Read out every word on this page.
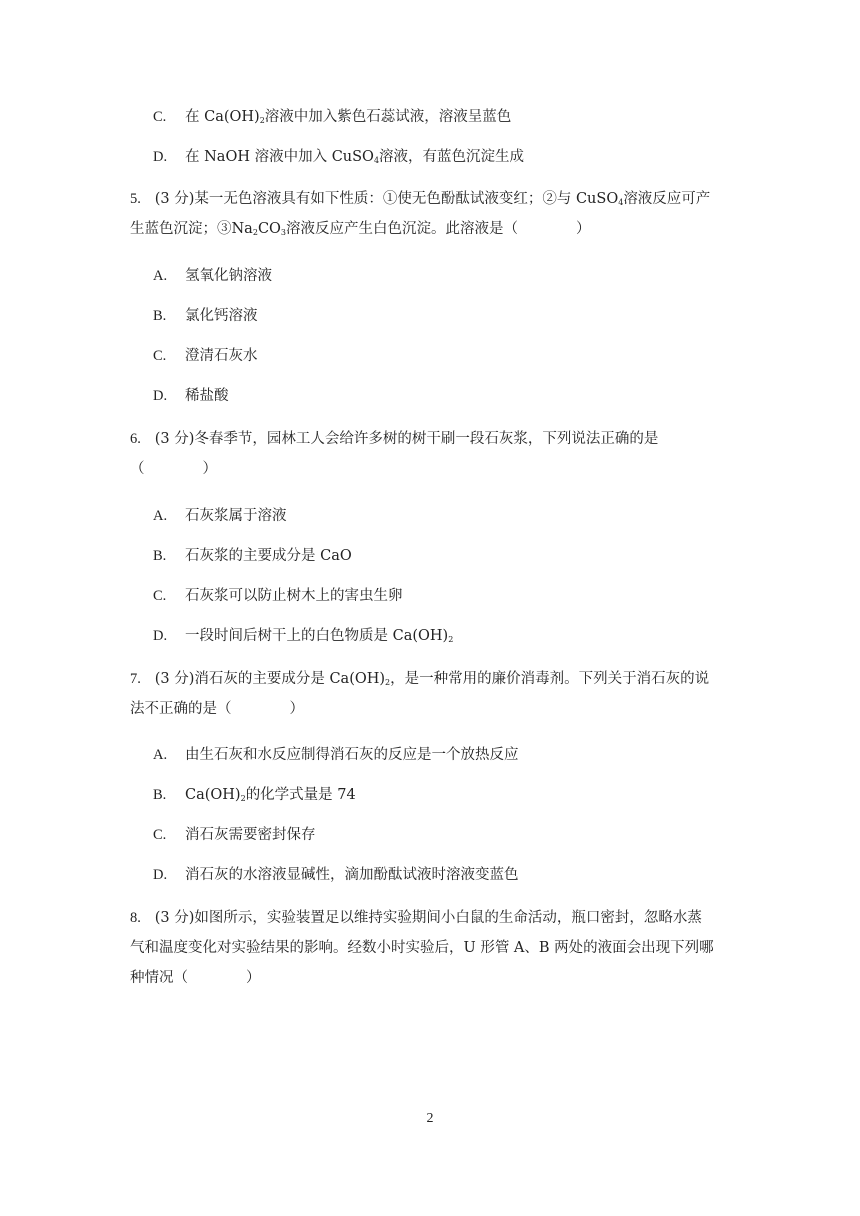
C. 在 $Ca(OH)_2$溶液中加入紫色石蕊试液，溶液呈蓝色
D. 在 NaOH 溶液中加入 CuSO$_4$溶液，有蓝色沉淀生成
5. (3 分)某一无色溶液具有如下性质：①使无色酚酞试液变红；②与 CuSO$_4$溶液反应可产
生蓝色沉淀；$③Na_2CO_3$溶液反应产生白色沉淀。此溶液是（	）
A. 氢氧化钠溶液
B. 氯化钙溶液
C. 澄清石灰水
D. 稀盐酸
6. (3 分)冬春季节，园林工人会给许多树的树干刷一段石灰浆，下列说法正确的是
（	）
A. 石灰浆属于溶液
B. 石灰浆的主要成分是 CaO
C. 石灰浆可以防止树木上的害虫生卵
D. 一段时间后树干上的白色物质是 $Ca(OH)_2$
7. (3 分)消石灰的主要成分是 $Ca(OH)_2$，是一种常用的廉价消毒剂。下列关于消石灰的说
法不正确的是（	）
A. 由生石灰和水反应制得消石灰的反应是一个放热反应
B. $Ca(OH)_2$的化学式量是 74
C. 消石灰需要密封保存
D. 消石灰的水溶液显碱性，滴加酚酞试液时溶液变蓝色
8. (3 分)如图所示，实验装置足以维持实验期间小白鼠的生命活动，瓶口密封，忽略水蒸
气和温度变化对实验结果的影响。经数小时实验后，U 形管 A、B 两处的液面会出现下列哪
种情况（	）
2
